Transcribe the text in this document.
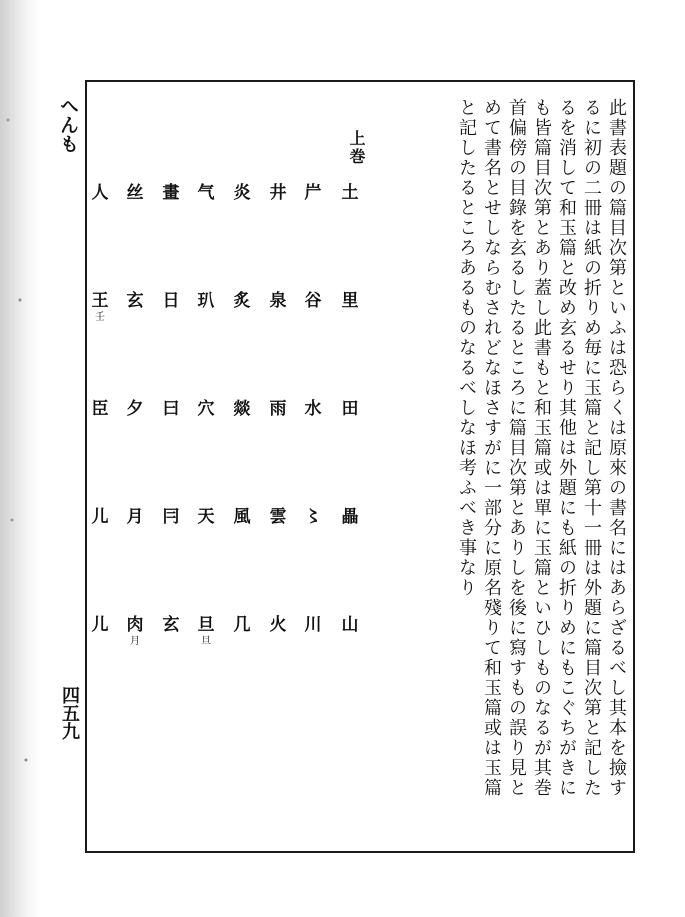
へんも
四五九	此書表題の篇目次第といふは恐らくは原來の書名にはあらざるべし其本を撿す

るに初の二冊は紙の折りめ毎に玉篇と記し第十一冊は外題に篇目次第と記した

るを消して和玉篇と改め玄るせり其他は外題にも紙の折りめにもこぐちがきに

も皆篇目次第とあり蓋し此書もと和玉篇或は單に玉篇といひしものなるが其巻

首偏傍の目錄を玄るしたるところに篇目次第とありしを後に寫すもの誤り見と

めて書名とせしならむされどなほさすがに一部分に原名殘りて和玉篇或は玉篇

と記したるところあるものなるべしなほ考ふべき事なり

上巻
土
里
田
畾
山
屵
谷
水
〻
川
井
泉
雨
雲
火
炎
炙
燚
風
几
气
玐
穴
天
旦
旦
畫
日
曰
冃
玄
丝
玄
夕
月
肉
月
人
王
壬
臣
儿
儿
